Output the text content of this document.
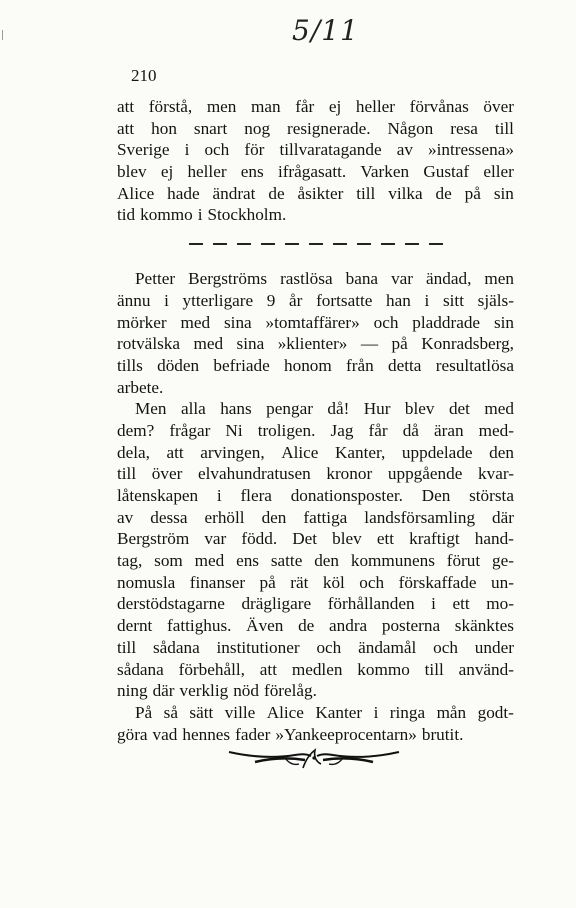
5/11
210
att förstå, men man får ej heller förvånas över
att hon snart nog resignerade. Någon resa till
Sverige i och för tillvaratagande av »intressena»
blev ej heller ens ifrågasatt. Varken Gustaf eller
Alice hade ändrat de åsikter till vilka de på sin
tid kommo i Stockholm.
Petter Bergströms rastlösa bana var ändad, men
ännu i ytterligare 9 år fortsatte han i sitt själs-
mörker med sina »tomtaffärer» och pladdrade sin
rotvälska med sina »klienter» — på Konradsberg,
tills döden befriade honom från detta resultatlösa
arbete.
Men alla hans pengar då! Hur blev det med
dem? frågar Ni troligen. Jag får då äran med-
dela, att arvingen, Alice Kanter, uppdelade den
till över elvahundratusen kronor uppgående kvar-
låtenskapen i flera donationsposter. Den största
av dessa erhöll den fattiga landsförsamling där
Bergström var född. Det blev ett kraftigt hand-
tag, som med ens satte den kommunens förut ge-
nomusla finanser på rät köl och förskaffade un-
derstödstagarne drägligare förhållanden i ett mo-
dernt fattighus. Även de andra posterna skänktes
till sådana institutioner och ändamål och under
sådana förbehåll, att medlen kommo till använd-
ning där verklig nöd förelåg.
På så sätt ville Alice Kanter i ringa mån godt-
göra vad hennes fader »Yankeeprocentarn» brutit.
